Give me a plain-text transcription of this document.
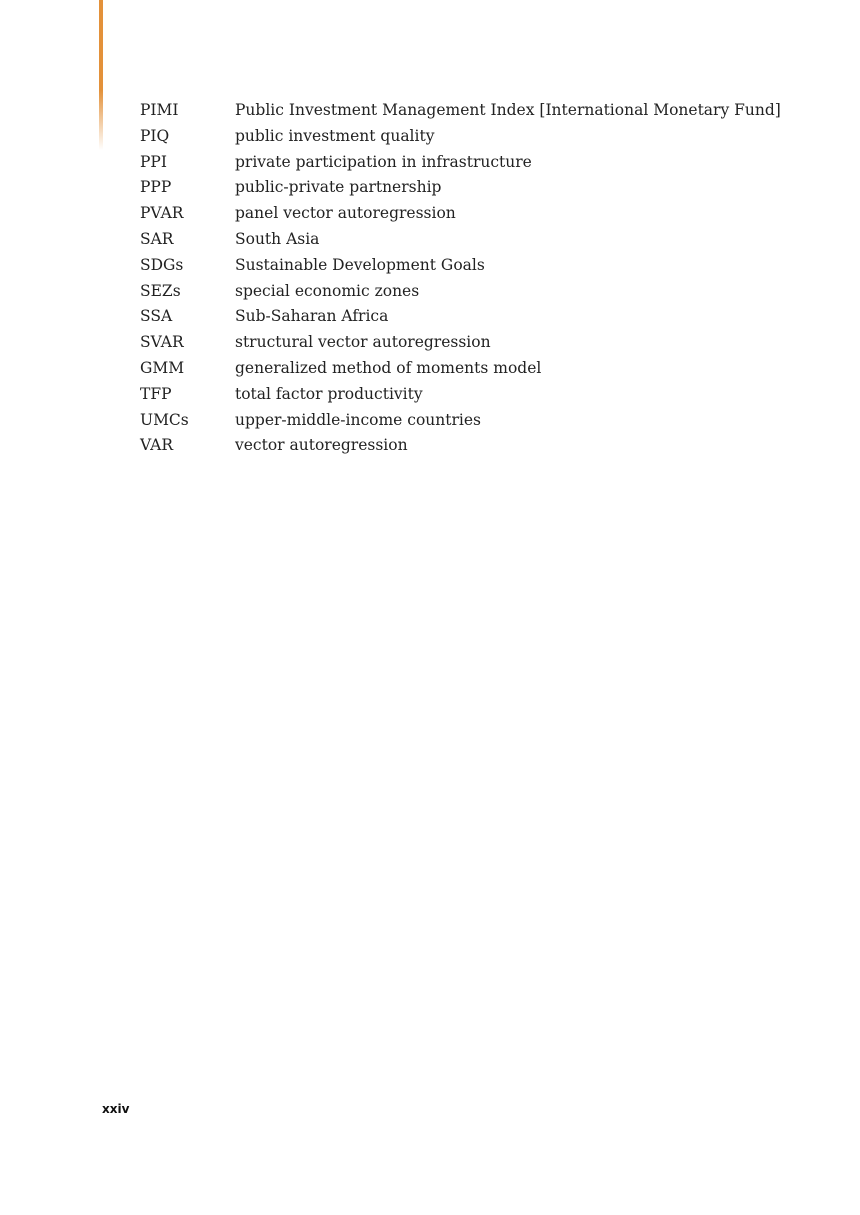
PIMI	Public Investment Management Index [International Monetary Fund]
PIQ	public investment quality
PPI	private participation in infrastructure
PPP	public-private partnership
PVAR	panel vector autoregression
SAR	South Asia
SDGs	Sustainable Development Goals
SEZs	special economic zones
SSA	Sub-Saharan Africa
SVAR	structural vector autoregression
GMM	generalized method of moments model
TFP	total factor productivity
UMCs	upper-middle-income countries
VAR	vector autoregression
xxiv
